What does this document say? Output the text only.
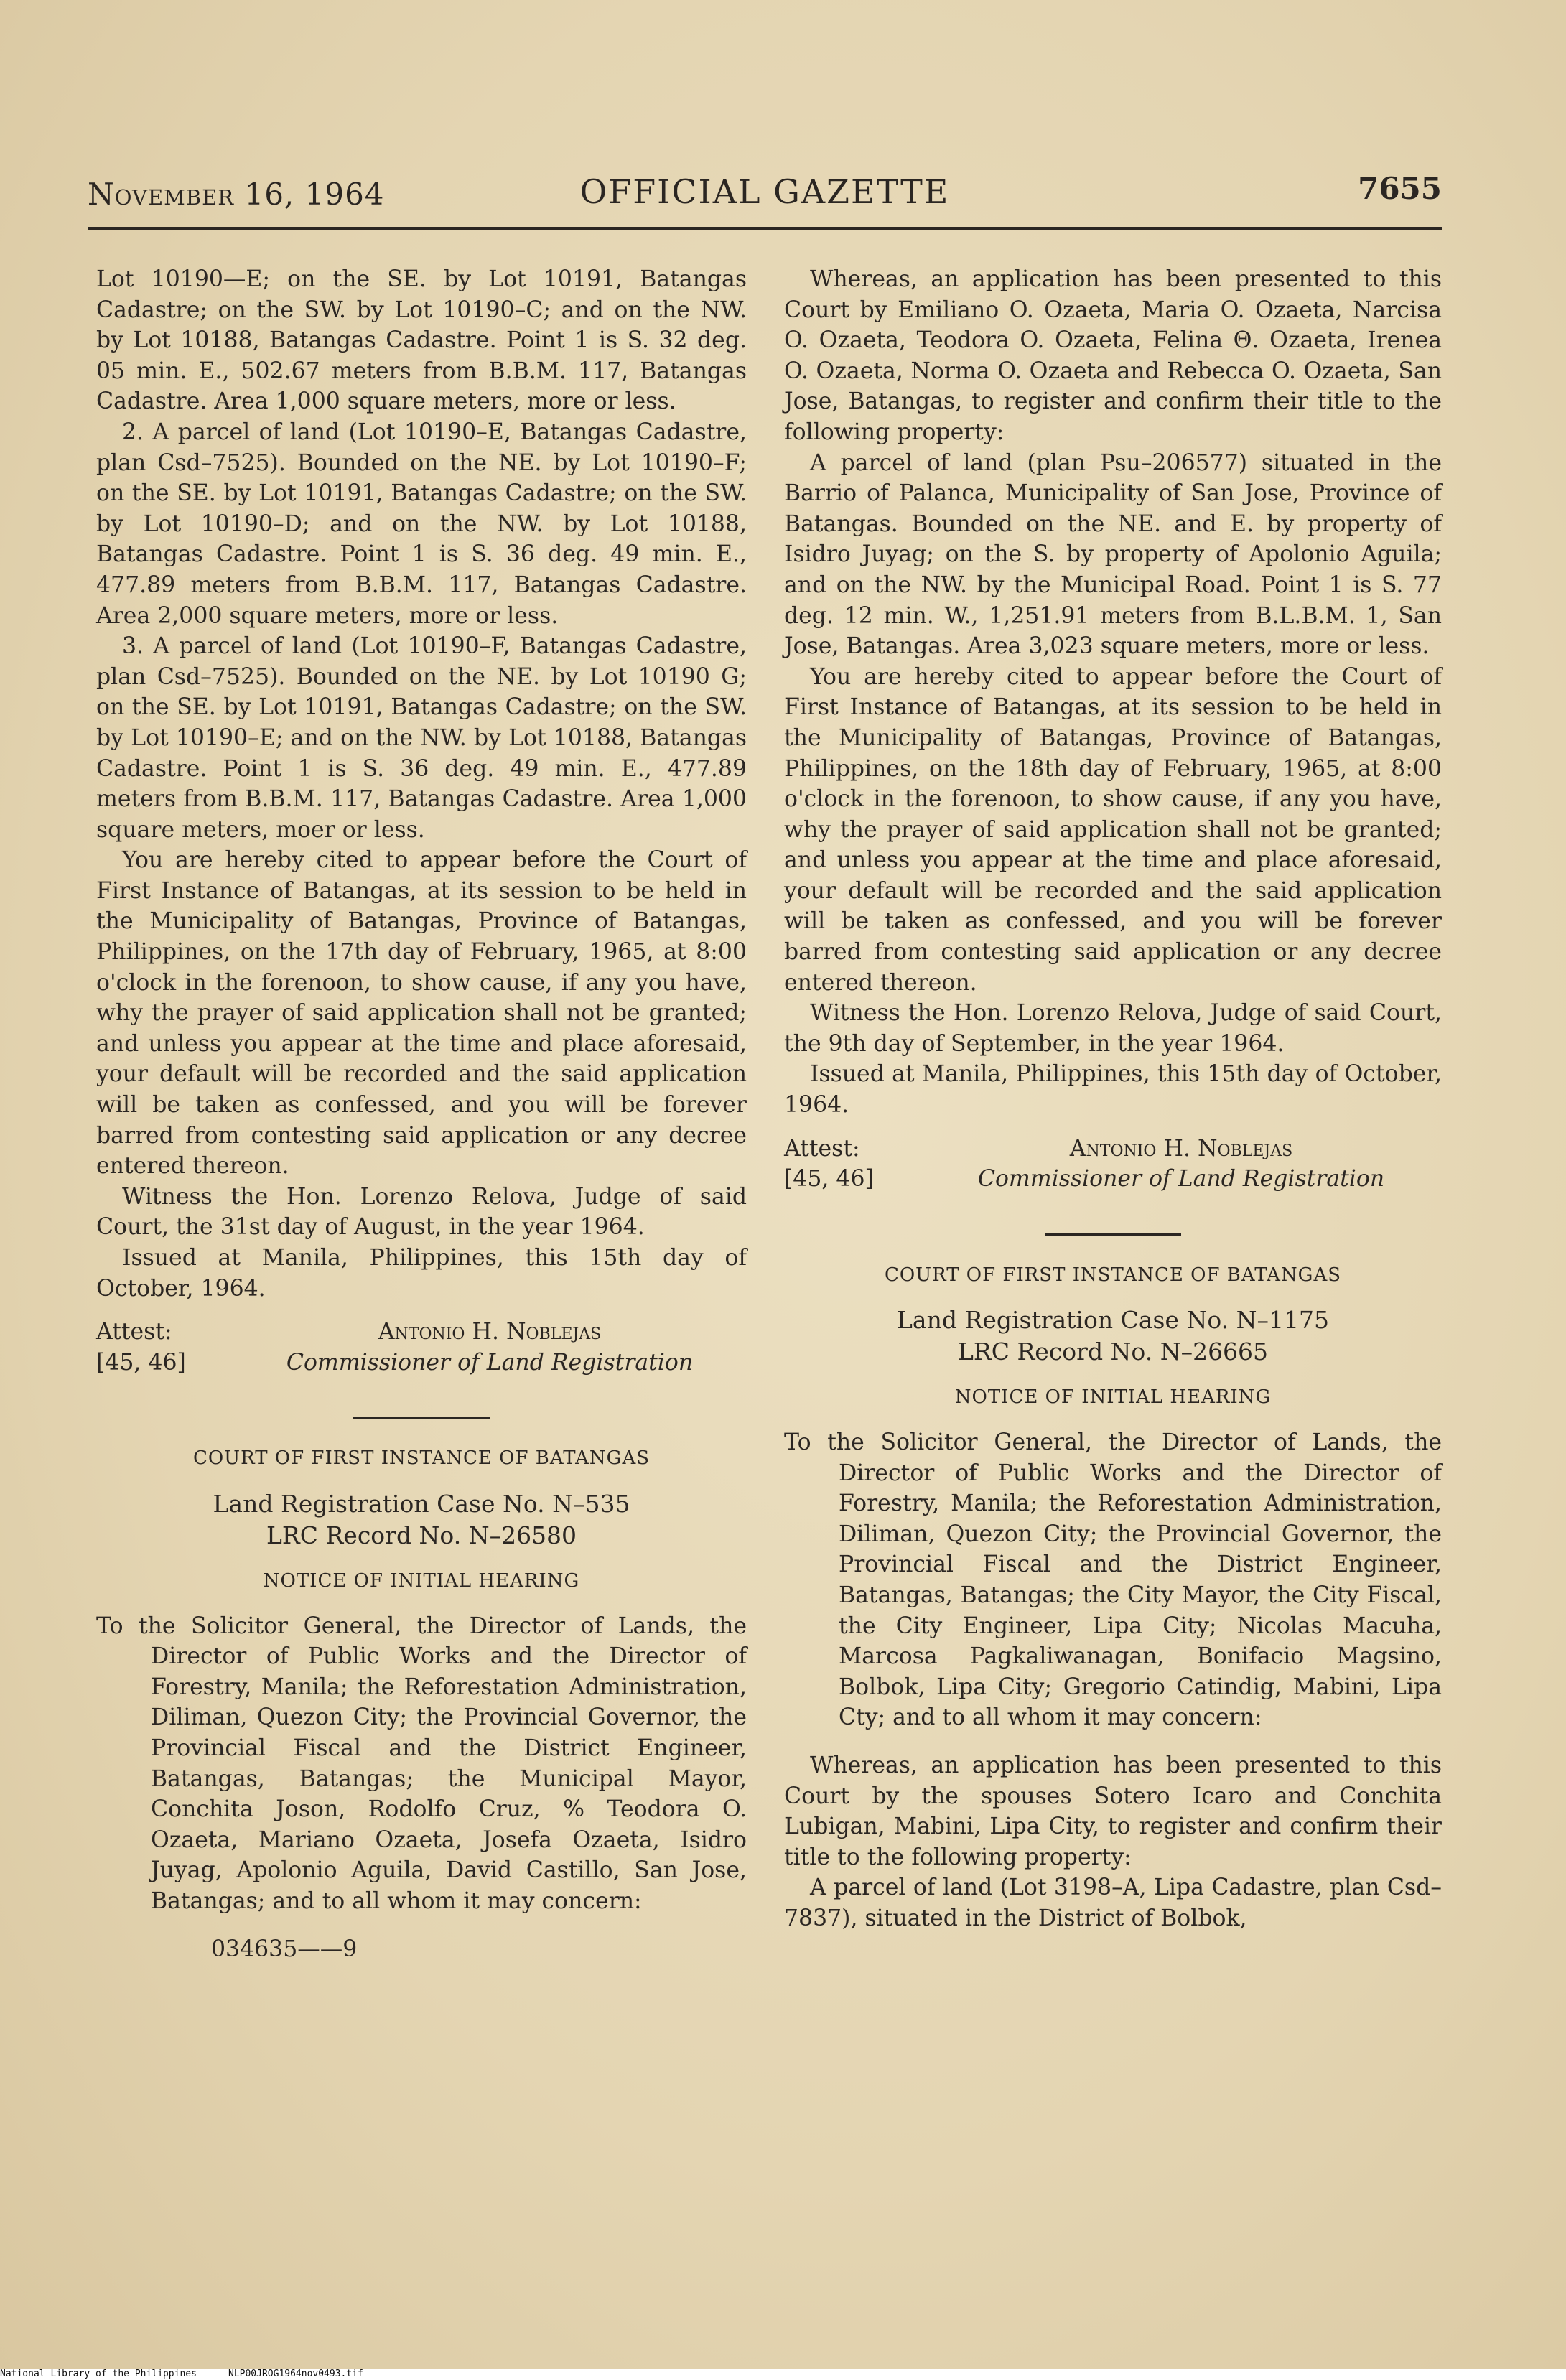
November 16, 1964	OFFICIAL GAZETTE	7655

Lot 10190—E; on the SE. by Lot 10191, Batangas Cadastre; on the SW. by Lot 10190–C; and on the NW. by Lot 10188, Batangas Cadastre. Point 1 is S. 32 deg. 05 min. E., 502.67 meters from B.B.M. 117, Batangas Cadastre. Area 1,000 square meters, more or less.

2. A parcel of land (Lot 10190–E, Batangas Cadastre, plan Csd–7525). Bounded on the NE. by Lot 10190–F; on the SE. by Lot 10191, Batangas Cadastre; on the SW. by Lot 10190–D; and on the NW. by Lot 10188, Batangas Cadastre. Point 1 is S. 36 deg. 49 min. E., 477.89 meters from B.B.M. 117, Batangas Cadastre. Area 2,000 square meters, more or less.

3. A parcel of land (Lot 10190–F, Batangas Cadastre, plan Csd–7525). Bounded on the NE. by Lot 10190 G; on the SE. by Lot 10191, Batangas Cadastre; on the SW. by Lot 10190–E; and on the NW. by Lot 10188, Batangas Cadastre. Point 1 is S. 36 deg. 49 min. E., 477.89 meters from B.B.M. 117, Batangas Cadastre. Area 1,000 square meters, moer or less.

You are hereby cited to appear before the Court of First Instance of Batangas, at its session to be held in the Municipality of Batangas, Province of Batangas, Philippines, on the 17th day of February, 1965, at 8:00 o'clock in the forenoon, to show cause, if any you have, why the prayer of said application shall not be granted; and unless you appear at the time and place aforesaid, your default will be recorded and the said application will be taken as confessed, and you will be forever barred from contesting said application or any decree entered thereon.

Witness the Hon. Lorenzo Relova, Judge of said Court, the 31st day of August, in the year 1964.

Issued at Manila, Philippines, this 15th day of October, 1964.

Attest:	Antonio H. Noblejas
[45, 46]	Commissioner of Land Registration
COURT OF FIRST INSTANCE OF BATANGAS
Land Registration Case No. N–535
LRC Record No. N–26580
NOTICE OF INITIAL HEARING

To the Solicitor General, the Director of Lands, the Director of Public Works and the Director of Forestry, Manila; the Reforestation Administration, Diliman, Quezon City; the Provincial Governor, the Provincial Fiscal and the District Engineer, Batangas, Batangas; the Municipal Mayor, Conchita Joson, Rodolfo Cruz, % Teodora O. Ozaeta, Mariano Ozaeta, Josefa Ozaeta, Isidro Juyag, Apolonio Aguila, David Castillo, San Jose, Batangas; and to all whom it may concern:

034635——9

Whereas, an application has been presented to this Court by Emiliano O. Ozaeta, Maria O. Ozaeta, Narcisa O. Ozaeta, Teodora O. Ozaeta, Felina Θ. Ozaeta, Irenea O. Ozaeta, Norma O. Ozaeta and Rebecca O. Ozaeta, San Jose, Batangas, to register and confirm their title to the following property:

A parcel of land (plan Psu–206577) situated in the Barrio of Palanca, Municipality of San Jose, Province of Batangas. Bounded on the NE. and E. by property of Isidro Juyag; on the S. by property of Apolonio Aguila; and on the NW. by the Municipal Road. Point 1 is S. 77 deg. 12 min. W., 1,251.91 meters from B.L.B.M. 1, San Jose, Batangas. Area 3,023 square meters, more or less.

You are hereby cited to appear before the Court of First Instance of Batangas, at its session to be held in the Municipality of Batangas, Province of Batangas, Philippines, on the 18th day of February, 1965, at 8:00 o'clock in the forenoon, to show cause, if any you have, why the prayer of said application shall not be granted; and unless you appear at the time and place aforesaid, your default will be recorded and the said application will be taken as confessed, and you will be forever barred from contesting said application or any decree entered thereon.

Witness the Hon. Lorenzo Relova, Judge of said Court, the 9th day of September, in the year 1964.

Issued at Manila, Philippines, this 15th day of October, 1964.

Attest:	Antonio H. Noblejas
[45, 46]	Commissioner of Land Registration
COURT OF FIRST INSTANCE OF BATANGAS
Land Registration Case No. N–1175
LRC Record No. N–26665
NOTICE OF INITIAL HEARING

To the Solicitor General, the Director of Lands, the Director of Public Works and the Director of Forestry, Manila; the Reforestation Administration, Diliman, Quezon City; the Provincial Governor, the Provincial Fiscal and the District Engineer, Batangas, Batangas; the City Mayor, the City Fiscal, the City Engineer, Lipa City; Nicolas Macuha, Marcosa Pagkaliwanagan, Bonifacio Magsino, Bolbok, Lipa City; Gregorio Catindig, Mabini, Lipa Cty; and to all whom it may concern:

Whereas, an application has been presented to this Court by the spouses Sotero Icaro and Conchita Lubigan, Mabini, Lipa City, to register and confirm their title to the following property:

A parcel of land (Lot 3198–A, Lipa Cadastre, plan Csd–7837), situated in the District of Bolbok,

National Library of the Philippines	NLP00JROG1964nov0493.tif
